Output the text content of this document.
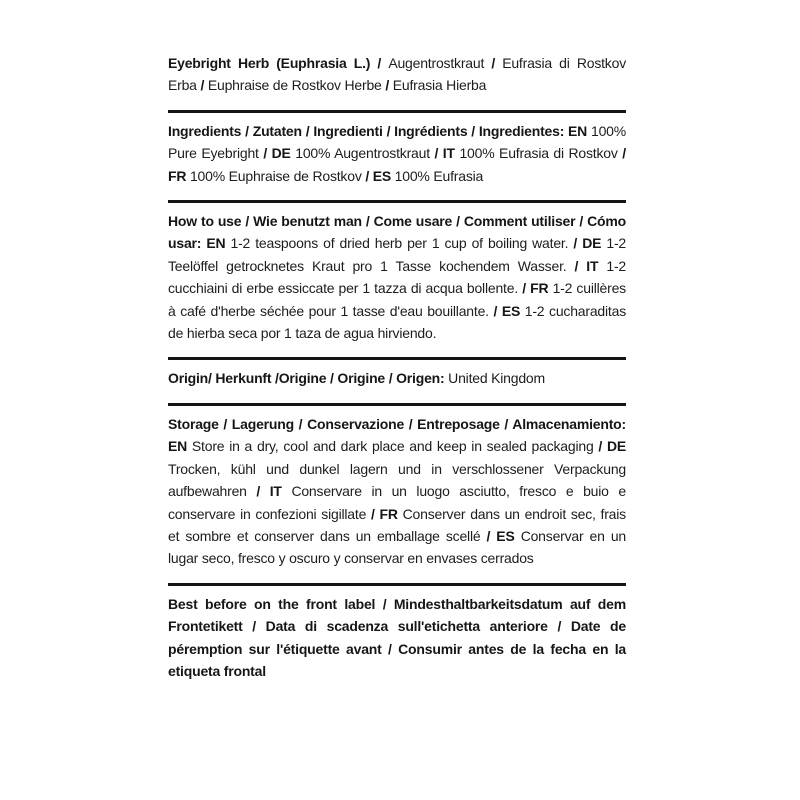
Eyebright Herb (Euphrasia L.) / Augentrostkraut / Eufrasia di Rostkov Erba / Euphraise de Rostkov Herbe / Eufrasia Hierba

Ingredients / Zutaten / Ingredienti / Ingrédients / Ingredientes: EN 100% Pure Eyebright / DE 100% Augentrostkraut / IT 100% Eufrasia di Rostkov / FR 100% Euphraise de Rostkov / ES 100% Eufrasia

How to use / Wie benutzt man / Come usare / Comment utiliser / Cómo usar: EN 1-2 teaspoons of dried herb per 1 cup of boiling water. / DE 1-2 Teelöffel getrocknetes Kraut pro 1 Tasse kochendem Wasser. / IT 1-2 cucchiaini di erbe essiccate per 1 tazza di acqua bollente. / FR 1-2 cuillères à café d'herbe séchée pour 1 tasse d'eau bouillante. / ES 1-2 cucharaditas de hierba seca por 1 taza de agua hirviendo.

Origin/ Herkunft /Origine / Origine / Origen: United Kingdom

Storage / Lagerung / Conservazione / Entreposage / Almacenamiento: EN Store in a dry, cool and dark place and keep in sealed packaging / DE Trocken, kühl und dunkel lagern und in verschlossener Verpackung aufbewahren / IT Conservare in un luogo asciutto, fresco e buio e conservare in confezioni sigillate / FR Conserver dans un endroit sec, frais et sombre et conserver dans un emballage scellé / ES Conservar en un lugar seco, fresco y oscuro y conservar en envases cerrados

Best before on the front label / Mindesthaltbarkeitsdatum auf dem Frontetikett / Data di scadenza sull'etichetta anteriore / Date de péremption sur l'étiquette avant / Consumir antes de la fecha en la etiqueta frontal
